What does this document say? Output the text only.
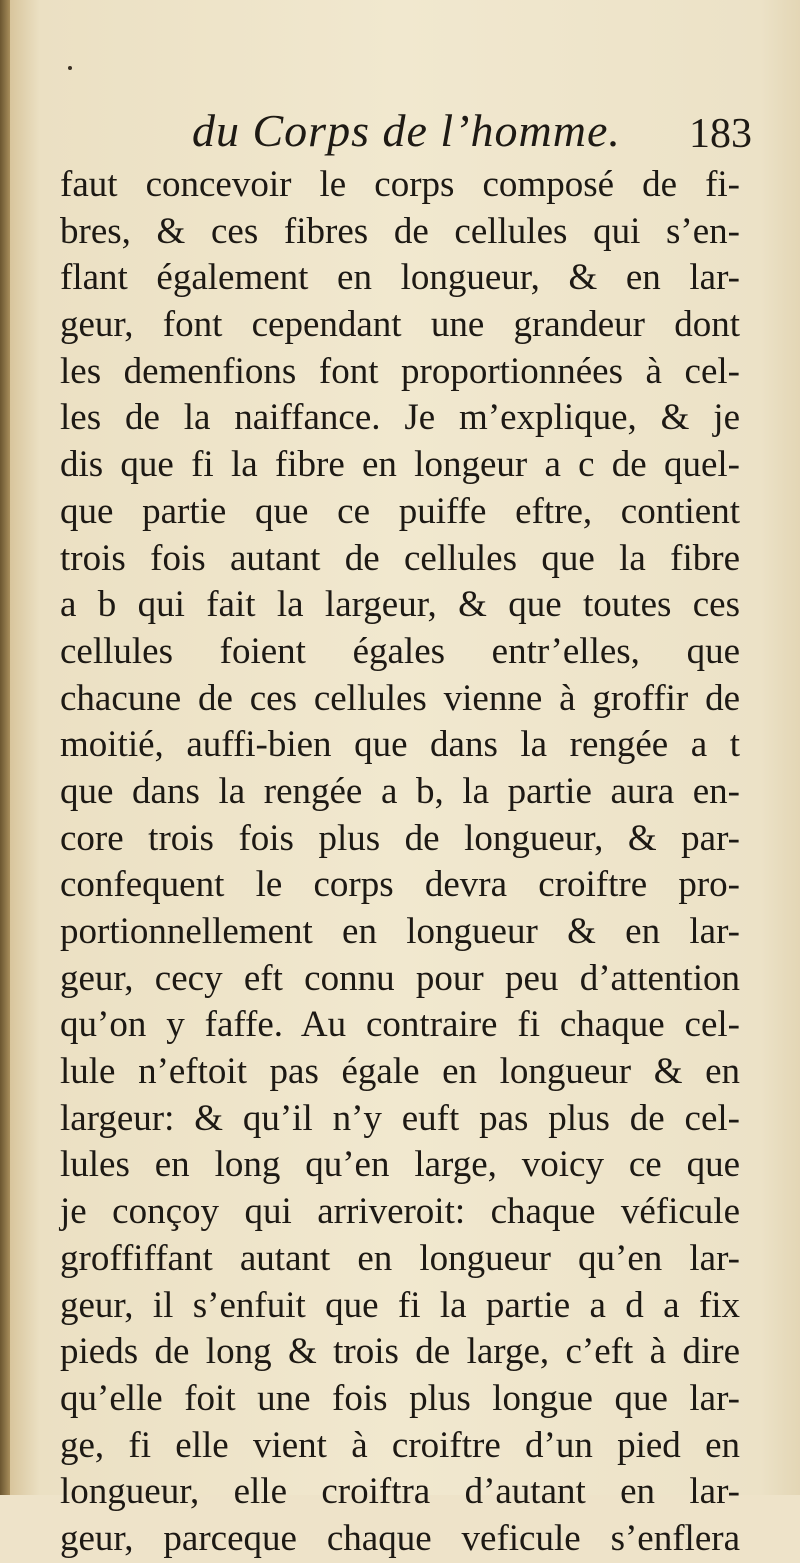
du Corps de l’homme. 183
faut concevoir le corps composé de fi-
bres, & ces fibres de cellules qui s’en-
flant également en longueur, & en lar-
geur, font cependant une grandeur dont
les demenfions font proportionnées à cel-
les de la naiffance. Je m’explique, & je
dis que fi la fibre en longeur a c de quel-
que partie que ce puiffe eftre, contient
trois fois autant de cellules que la fibre
a b qui fait la largeur, & que toutes ces
cellules foient égales entr’elles, que
chacune de ces cellules vienne à groffir de
moitié, auffi-bien que dans la rengée a t
que dans la rengée a b, la partie aura en-
core trois fois plus de longueur, & par-
confequent le corps devra croiftre pro-
portionnellement en longueur & en lar-
geur, cecy eft connu pour peu d’attention
qu’on y faffe. Au contraire fi chaque cel-
lule n’eftoit pas égale en longueur & en
largeur: & qu’il n’y euft pas plus de cel-
lules en long qu’en large, voicy ce que
je conçoy qui arriveroit: chaque véficule
groffiffant autant en longueur qu’en lar-
geur, il s’enfuit que fi la partie a d a fix
pieds de long & trois de large, c’eft à dire
qu’elle foit une fois plus longue que lar-
ge, fi elle vient à croiftre d’un pied en
longueur, elle croiftra d’autant en lar-
geur, parceque chaque veficule s’enflera
